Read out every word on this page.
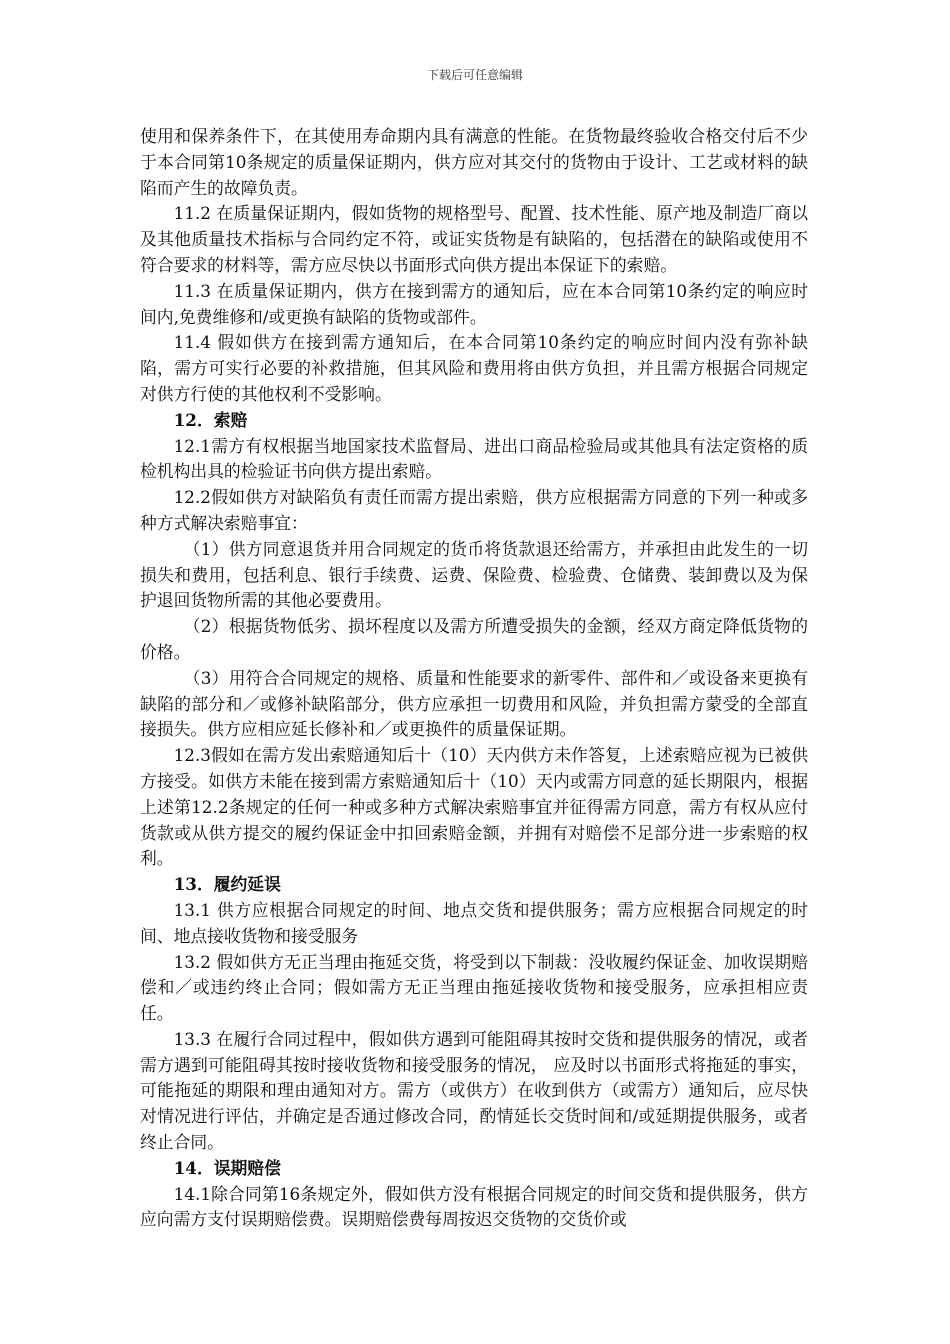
下载后可任意编辑

使用和保养条件下，在其使用寿命期内具有满意的性能。在货物最终验收合格交付后不少于本合同第10条规定的质量保证期内，供方应对其交付的货物由于设计、工艺或材料的缺陷而产生的故障负责。

11.2 在质量保证期内，假如货物的规格型号、配置、技术性能、原产地及制造厂商以及其他质量技术指标与合同约定不符，或证实货物是有缺陷的，包括潜在的缺陷或使用不符合要求的材料等，需方应尽快以书面形式向供方提出本保证下的索赔。

11.3 在质量保证期内，供方在接到需方的通知后，应在本合同第10条约定的响应时间内,免费维修和/或更换有缺陷的货物或部件。

11.4 假如供方在接到需方通知后，在本合同第10条约定的响应时间内没有弥补缺陷，需方可实行必要的补救措施，但其风险和费用将由供方负担，并且需方根据合同规定对供方行使的其他权利不受影响。

12．索赔

12.1需方有权根据当地国家技术监督局、进出口商品检验局或其他具有法定资格的质检机构出具的检验证书向供方提出索赔。

12.2假如供方对缺陷负有责任而需方提出索赔，供方应根据需方同意的下列一种或多种方式解决索赔事宜：

（1）供方同意退货并用合同规定的货币将货款退还给需方，并承担由此发生的一切损失和费用，包括利息、银行手续费、运费、保险费、检验费、仓储费、装卸费以及为保护退回货物所需的其他必要费用。

（2）根据货物低劣、损坏程度以及需方所遭受损失的金额，经双方商定降低货物的价格。

（3）用符合合同规定的规格、质量和性能要求的新零件、部件和／或设备来更换有缺陷的部分和／或修补缺陷部分，供方应承担一切费用和风险，并负担需方蒙受的全部直接损失。供方应相应延长修补和／或更换件的质量保证期。

12.3假如在需方发出索赔通知后十（10）天内供方未作答复，上述索赔应视为已被供方接受。如供方未能在接到需方索赔通知后十（10）天内或需方同意的延长期限内，根据上述第12.2条规定的任何一种或多种方式解决索赔事宜并征得需方同意，需方有权从应付货款或从供方提交的履约保证金中扣回索赔金额，并拥有对赔偿不足部分进一步索赔的权利。

13．履约延误

13.1 供方应根据合同规定的时间、地点交货和提供服务；需方应根据合同规定的时间、地点接收货物和接受服务

13.2 假如供方无正当理由拖延交货，将受到以下制裁：没收履约保证金、加收误期赔偿和／或违约终止合同；假如需方无正当理由拖延接收货物和接受服务，应承担相应责任。

13.3 在履行合同过程中，假如供方遇到可能阻碍其按时交货和提供服务的情况，或者需方遇到可能阻碍其按时接收货物和接受服务的情况， 应及时以书面形式将拖延的事实，可能拖延的期限和理由通知对方。需方（或供方）在收到供方（或需方）通知后，应尽快对情况进行评估，并确定是否通过修改合同，酌情延长交货时间和/或延期提供服务，或者终止合同。

14．误期赔偿

14.1除合同第16条规定外，假如供方没有根据合同规定的时间交货和提供服务，供方应向需方支付误期赔偿费。误期赔偿费每周按迟交货物的交货价或
